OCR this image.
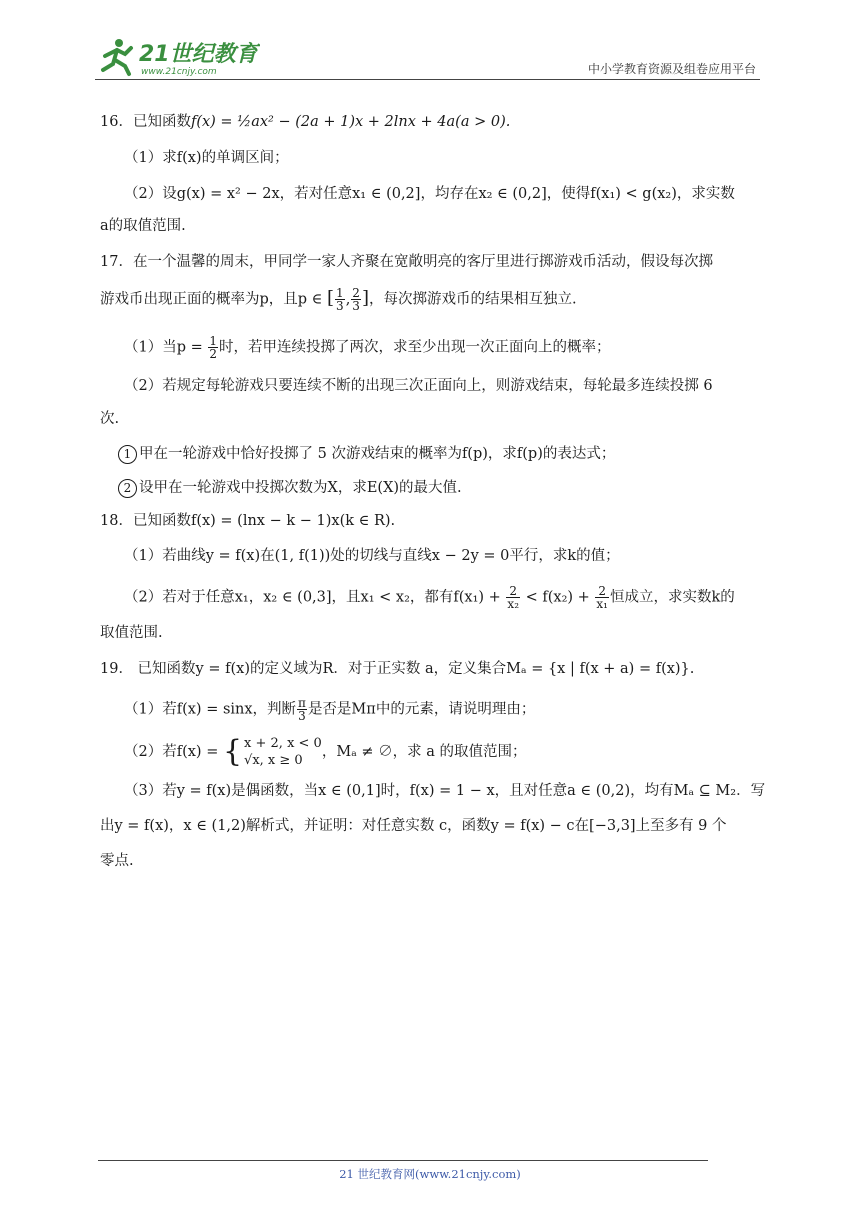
21世纪教育
www.21cnjy.com	中小学教育资源及组卷应用平台
16．已知函数f(x) = ½ax² − (2a + 1)x + 2lnx + 4a(a > 0).
（1）求f(x)的单调区间；
（2）设g(x) = x² − 2x，若对任意x₁ ∈ (0,2]，均存在x₂ ∈ (0,2]，使得f(x₁) < g(x₂)，求实数
a的取值范围.
17．在一个温馨的周末，甲同学一家人齐聚在宽敞明亮的客厅里进行掷游戏币活动，假设每次掷
游戏币出现正面的概率为p，且p ∈ [ $\frac{1}{3}$ , $\frac{2}{3}$ ]，每次掷游戏币的结果相互独立.
（1）当$p = \frac{1}{2}$ 时，若甲连续投掷了两次，求至少出现一次正面向上的概率；
（2）若规定每轮游戏只要连续不断的出现三次正面向上，则游戏结束，每轮最多连续投掷 6
次.
1 甲在一轮游戏中恰好投掷了 5 次游戏结束的概率为f(p)，求f(p)的表达式；
2 设甲在一轮游戏中投掷次数为X，求E(X)的最大值.
18．已知函数f(x) = (lnx − k − 1)x(k ∈ R).
（1）若曲线y = f(x)在(1, f(1))处的切线与直线x − 2y = 0平行，求k的值；
（2）若对于任意x₁，x₂ ∈ (0,3]，且x₁ < x₂，都有$f(x_1) + \frac{2}{\text{x₂}} < f(x_2) + \frac{2}{\text{x₁}}$ 恒成立，求实数k的
取值范围.
19． 已知函数y = f(x)的定义域为R．对于正实数 a，定义集合Mₐ = {x | f(x + a) = f(x)}.
（1）若f(x) = sinx，判断 $\frac{\pi}{3}$ 是否是Mπ中的元素，请说明理由；
（2）若f(x) = { x + 2, x < 0
√x, x ≥ 0
，Mₐ ≠ ∅，求 a 的取值范围；
（3）若y = f(x)是偶函数，当x ∈ (0,1]时，f(x) = 1 − x，且对任意a ∈ (0,2)，均有Mₐ ⊆ M₂．写
出y = f(x)，x ∈ (1,2)解析式，并证明：对任意实数 c，函数y = f(x) − c在[−3,3]上至多有 9 个
零点.
21 世纪教育网(www.21cnjy.com)
